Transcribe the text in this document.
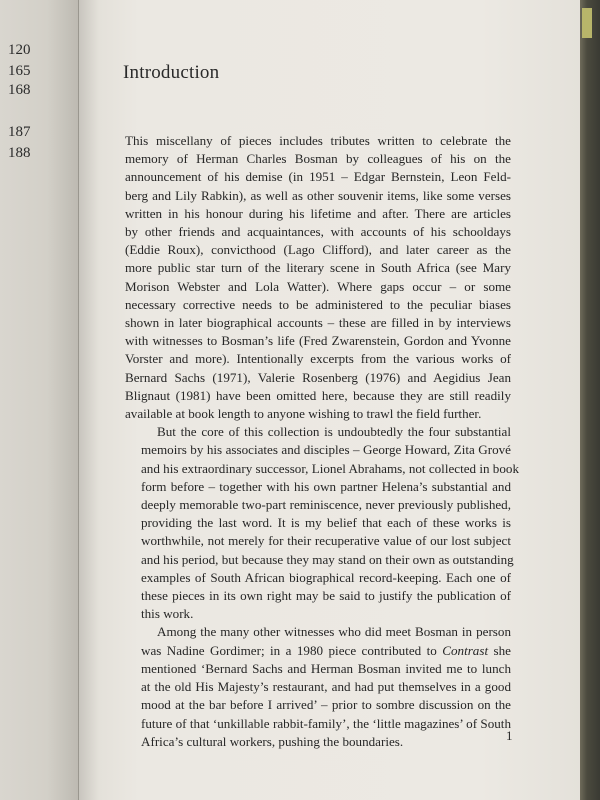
120
165
168
187
188
Introduction

This miscellany of pieces includes tributes written to celebrate the
memory of Herman Charles Bosman by colleagues of his on the
announcement of his demise (in 1951 – Edgar Bernstein, Leon Feld-
berg and Lily Rabkin), as well as other souvenir items, like some verses
written in his honour during his lifetime and after. There are articles
by other friends and acquaintances, with accounts of his schooldays
(Eddie Roux), convicthood (Lago Clifford), and later career as the
more public star turn of the literary scene in South Africa (see Mary
Morison Webster and Lola Watter). Where gaps occur – or some
necessary corrective needs to be administered to the peculiar biases
shown in later biographical accounts – these are filled in by interviews
with witnesses to Bosman’s life (Fred Zwarenstein, Gordon and Yvonne
Vorster and more). Intentionally excerpts from the various works of
Bernard Sachs (1971), Valerie Rosenberg (1976) and Aegidius Jean
Blignaut (1981) have been omitted here, because they are still readily
available at book length to anyone wishing to trawl the field further.

But the core of this collection is undoubtedly the four substantial
memoirs by his associates and disciples – George Howard, Zita Grové
and his extraordinary successor, Lionel Abrahams, not collected in book
form before – together with his own partner Helena’s substantial and
deeply memorable two-part reminiscence, never previously published,
providing the last word. It is my belief that each of these works is
worthwhile, not merely for their recuperative value of our lost subject
and his period, but because they may stand on their own as outstanding
examples of South African biographical record-keeping. Each one of
these pieces in its own right may be said to justify the publication of
this work.

Among the many other witnesses who did meet Bosman in person
was Nadine Gordimer; in a 1980 piece contributed to Contrast she
mentioned ‘Bernard Sachs and Herman Bosman invited me to lunch
at the old His Majesty’s restaurant, and had put themselves in a good
mood at the bar before I arrived’ – prior to sombre discussion on the
future of that ‘unkillable rabbit-family’, the ‘little magazines’ of South
Africa’s cultural workers, pushing the boundaries.	1
